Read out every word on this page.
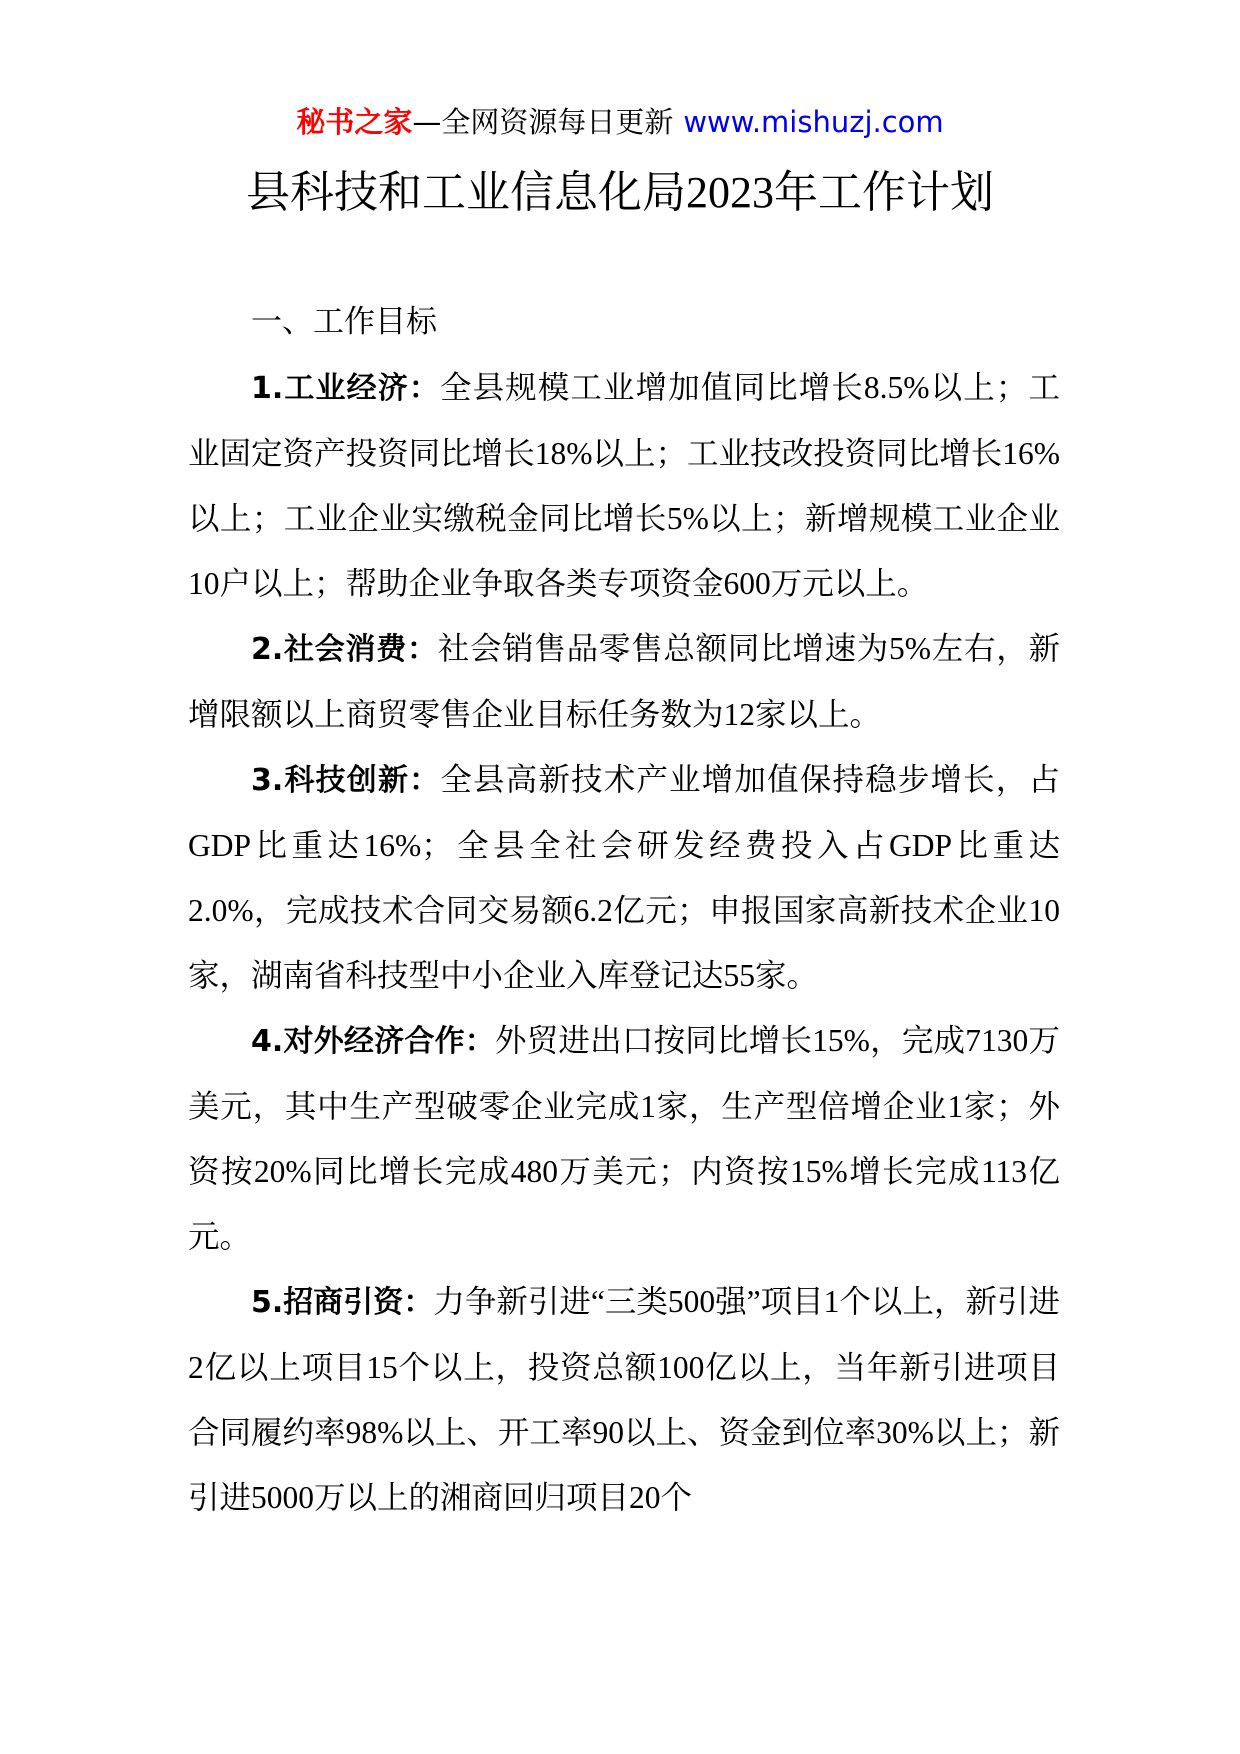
秘书之家—全网资源每日更新 www.mishuzj.com
县科技和工业信息化局2023年工作计划

一、工作目标

1.工业经济：全县规模工业增加值同比增长8.5%以上；工业固定资产投资同比增长18%以上；工业技改投资同比增长16%以上；工业企业实缴税金同比增长5%以上；新增规模工业企业10户以上；帮助企业争取各类专项资金600万元以上。

2.社会消费：社会销售品零售总额同比增速为5%左右，新增限额以上商贸零售企业目标任务数为12家以上。

3.科技创新：全县高新技术产业增加值保持稳步增长，占GDP比重达16%；全县全社会研发经费投入占GDP比重达2.0%，完成技术合同交易额6.2亿元；申报国家高新技术企业10家，湖南省科技型中小企业入库登记达55家。

4.对外经济合作：外贸进出口按同比增长15%，完成7130万美元，其中生产型破零企业完成1家，生产型倍增企业1家；外资按20%同比增长完成480万美元；内资按15%增长完成113亿元。

5.招商引资：力争新引进“三类500强”项目1个以上，新引进2亿以上项目15个以上，投资总额100亿以上，当年新引进项目合同履约率98%以上、开工率90以上、资金到位率30%以上；新引进5000万以上的湘商回归项目20个
